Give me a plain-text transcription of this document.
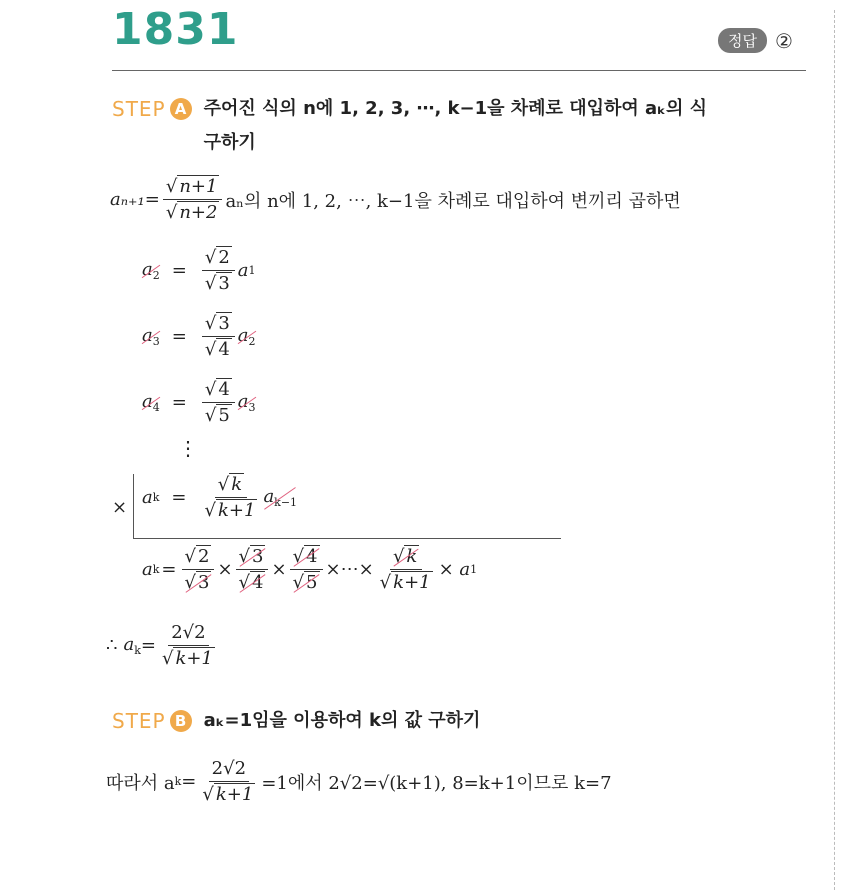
1831	정답 ②
STEP A 주어진 식의 n에 1, 2, 3, ⋯, k−1을 차례로 대입하여 aₖ의 식
구하기
$a_{n+1}= \frac{√ n+1}{√ n+2}$ aₙ의 n에 1, 2, ⋯, k−1을 차례로 대입하여 변끼리 곱하면
$a_2 = \frac{√ 2}{√ 3}$ a 1
$a_3 = \frac{√ 3}{√ 4} a_2$
$a_4 = \frac{√ 4}{√ 5} a_3$
⋮
× a $k = \frac{√ k}{√ k+1} a_{k-1}$
a $k = \frac{√ 2}{√ 3} \times \frac{√ 3}{√ 4} \times \frac{√ 4}{√ 5}$ ×⋯× $\frac{√ k}{√ k+1} \times a$ 1
∴ $a_k = \frac{2√2}{√ k+1}$
STEP B aₖ=1임을 이용하여 k의 값 구하기
따라서 a $k = \frac{2√2}{√ k+1} =1$에서 2√2=√(k+1), 8=k+1이므로 k=7
